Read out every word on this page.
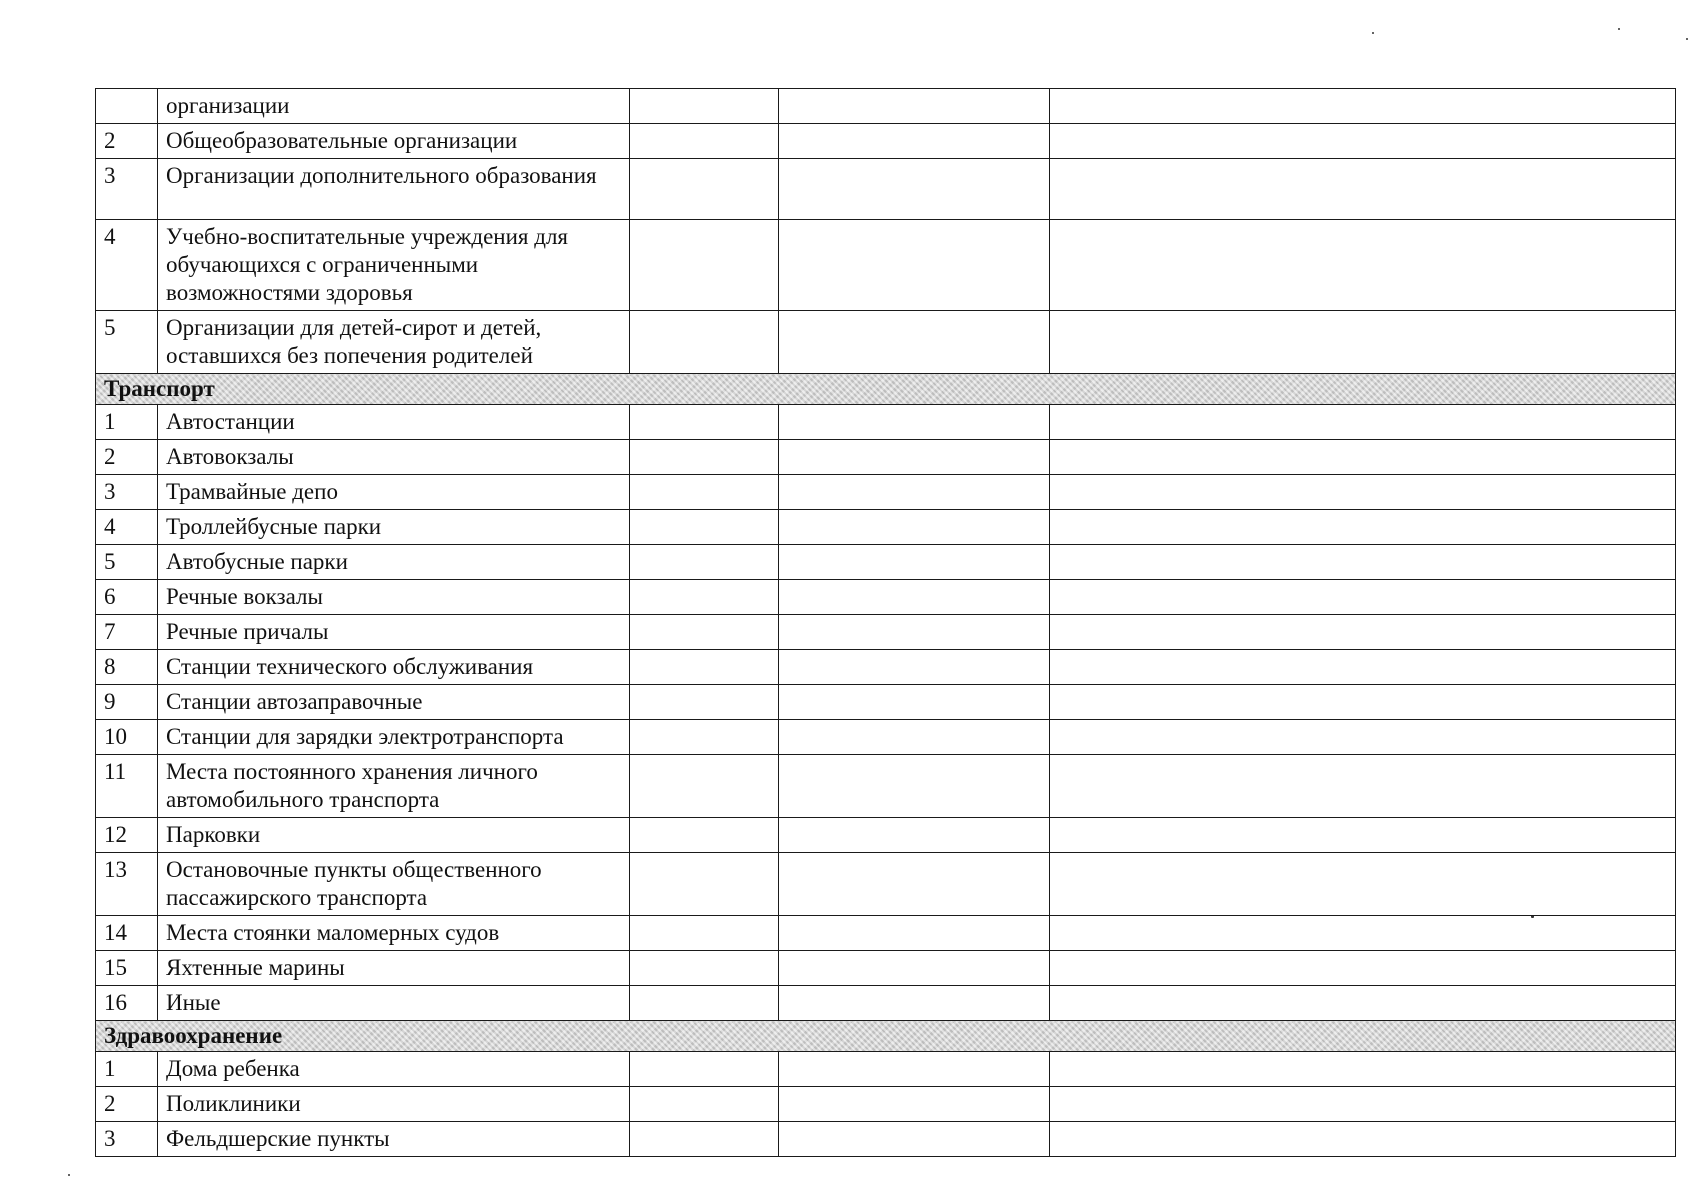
	организации			
2	Общеобразовательные организации			
3	Организации дополнительного образования			
4	Учебно-воспитательные учреждения для обучающихся с ограниченными возможностями здоровья			
5	Организации для детей-сирот и детей, оставшихся без попечения родителей			
Транспорт				
1	Автостанции			
2	Автовокзалы			
3	Трамвайные депо			
4	Троллейбусные парки			
5	Автобусные парки			
6	Речные вокзалы			
7	Речные причалы			
8	Станции технического обслуживания			
9	Станции автозаправочные			
10	Станции для зарядки электротранспорта			
11	Места постоянного хранения личного автомобильного транспорта			
12	Парковки			
13	Остановочные пункты общественного пассажирского транспорта			
14	Места стоянки маломерных судов			
15	Яхтенные марины			
16	Иные			
Здравоохранение				
1	Дома ребенка			
2	Поликлиники			
3	Фельдшерские пункты			
